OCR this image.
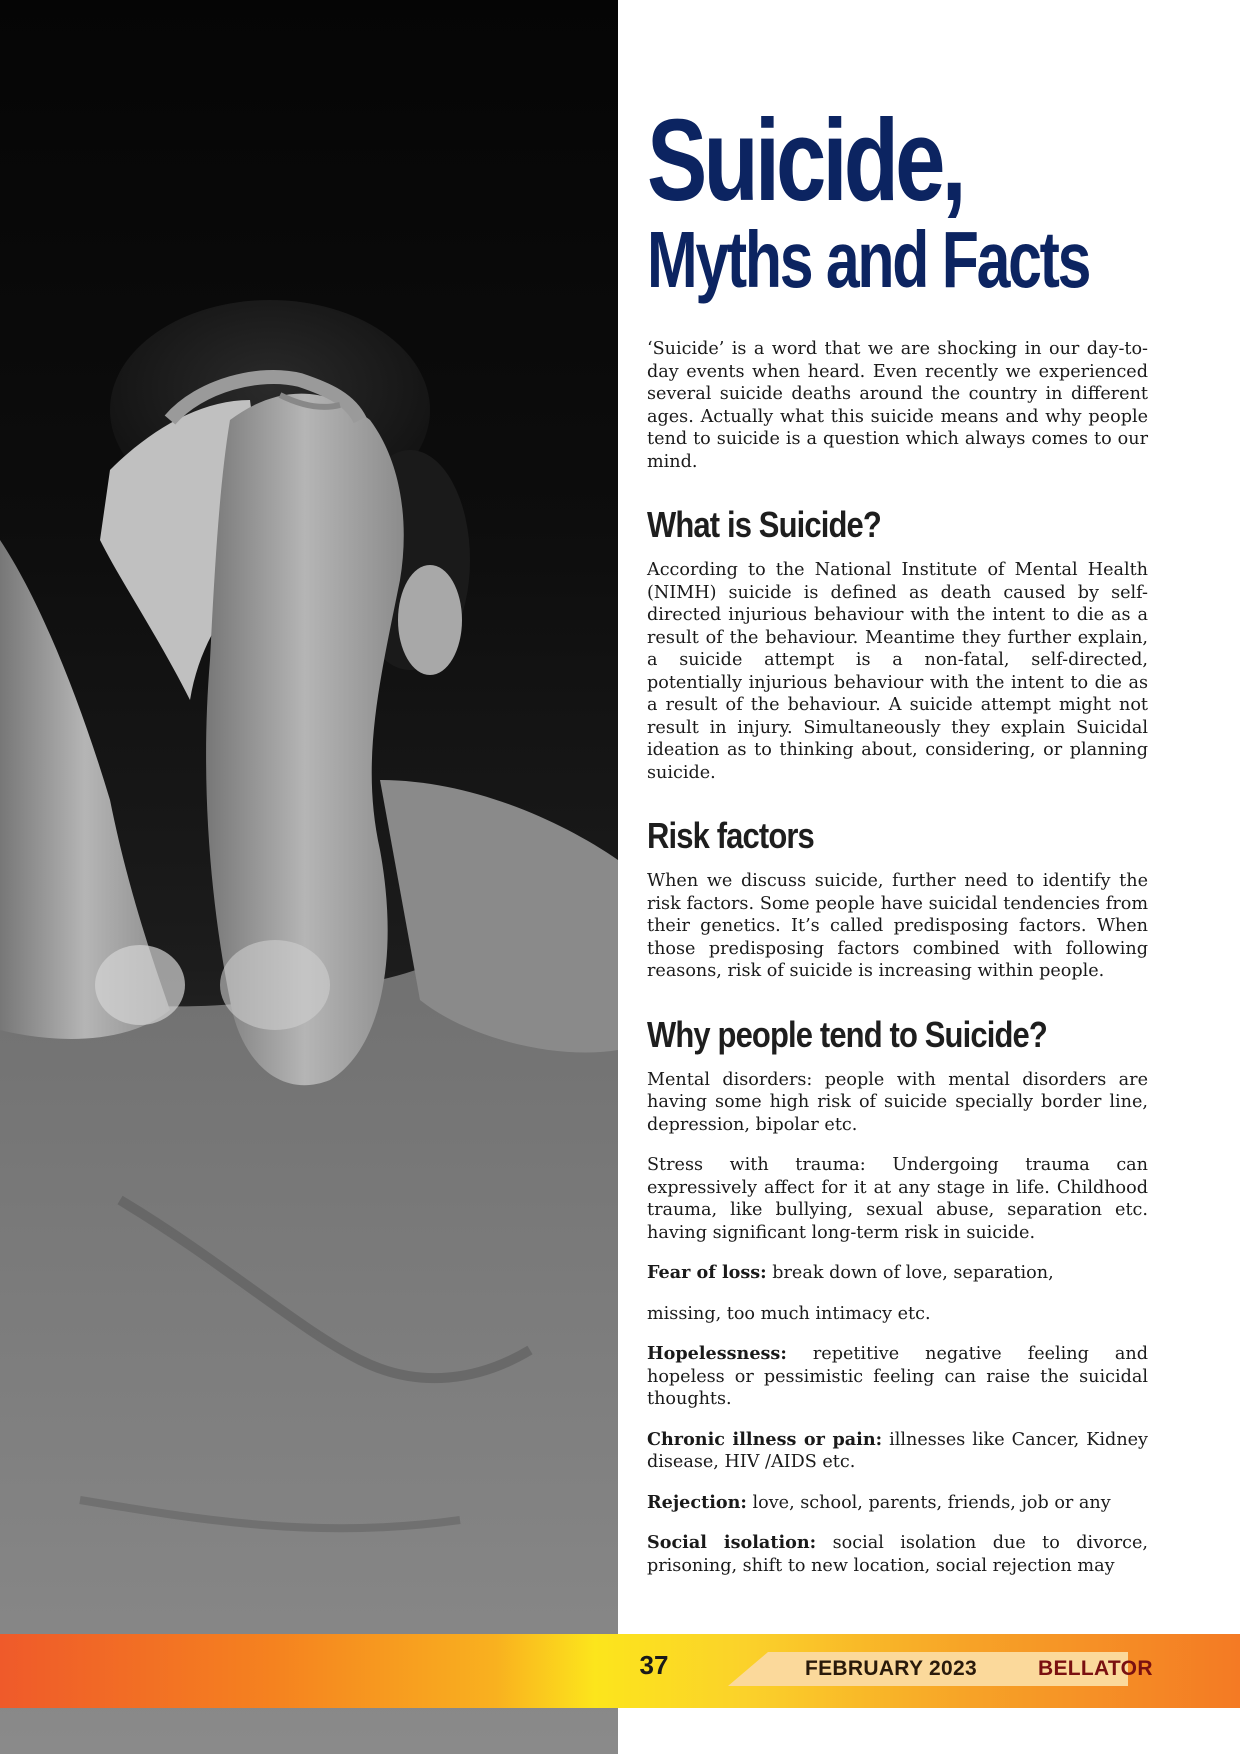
Suicide,
Myths and Facts

‘Suicide’ is a word that we are shocking in our day-to-day events when heard. Even recently we experienced several suicide deaths around the country in different ages. Actually what this suicide means and why people tend to suicide is a question which always comes to our mind.

What is Suicide?

According to the National Institute of Mental Health (NIMH) suicide is defined as death caused by self-directed injurious behaviour with the intent to die as a result of the behaviour. Meantime they further explain, a suicide attempt is a non-fatal, self-directed, potentially injurious behaviour with the intent to die as a result of the behaviour. A suicide attempt might not result in injury. Simultaneously they explain Suicidal ideation as to thinking about, considering, or planning suicide.

Risk factors

When we discuss suicide, further need to identify the risk factors. Some people have suicidal tendencies from their genetics. It’s called predisposing factors. When those predisposing factors combined with following reasons, risk of suicide is increasing within people.

Why people tend to Suicide?

Mental disorders: people with mental disorders are having some high risk of suicide specially border line, depression, bipolar etc.

Stress with trauma: Undergoing trauma can expressively affect for it at any stage in life. Childhood trauma, like bullying, sexual abuse, separation etc. having significant long-term risk in suicide.

Fear of loss: break down of love, separation,

missing, too much intimacy etc.

Hopelessness: repetitive negative feeling and hopeless or pessimistic feeling can raise the suicidal thoughts.

Chronic illness or pain: illnesses like Cancer, Kidney disease, HIV /AIDS etc.

Rejection: love, school, parents, friends, job or any

Social isolation: social isolation due to divorce, prisoning, shift to new location, social rejection may

37	FEBRUARY 2023	BELLATOR
